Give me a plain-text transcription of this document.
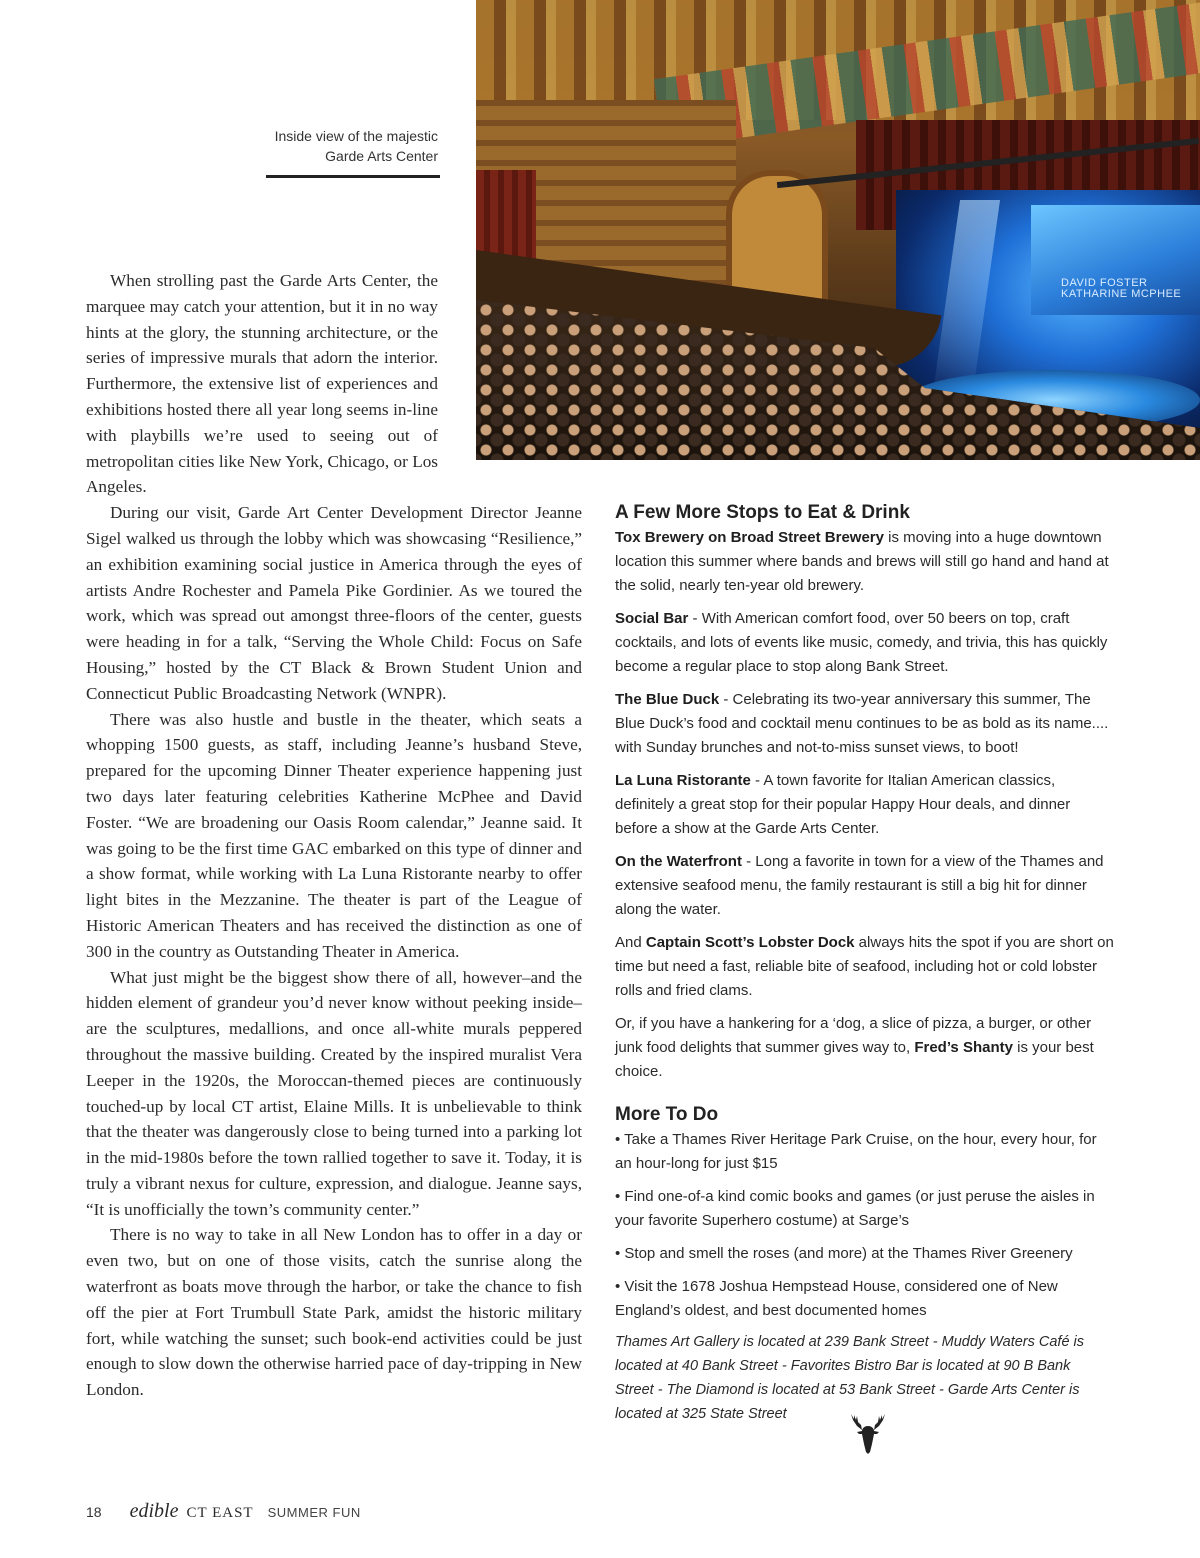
DAVID FOSTER
KATHARINE MCPHEE
Inside view of the majestic
Garde Arts Center

When strolling past the Garde Arts Center, the marquee may catch your attention, but it in no way hints at the glory, the stunning architecture, or the series of impressive murals that adorn the interior. Furthermore, the extensive list of experiences and exhibitions hosted there all year long seems in-line with playbills we’re used to seeing out of metropolitan cities like New York, Chicago, or Los Angeles.

During our visit, Garde Art Center Development Director Jeanne Sigel walked us through the lobby which was showcasing “Resilience,” an exhibition examining social justice in America through the eyes of artists Andre Rochester and Pamela Pike Gordinier. As we toured the work, which was spread out amongst three-floors of the center, guests were heading in for a talk, “Serving the Whole Child: Focus on Safe Housing,” hosted by the CT Black & Brown Student Union and Connecticut Public Broadcasting Network (WNPR).

There was also hustle and bustle in the theater, which seats a whopping 1500 guests, as staff, including Jeanne’s husband Steve, prepared for the upcoming Dinner Theater experience happening just two days later featuring celebrities Katherine McPhee and David Foster. “We are broadening our Oasis Room calendar,” Jeanne said. It was going to be the first time GAC embarked on this type of dinner and a show format, while working with La Luna Ristorante nearby to offer light bites in the Mezzanine. The theater is part of the League of Historic American Theaters and has received the distinction as one of 300 in the country as Outstanding Theater in America.

What just might be the biggest show there of all, however–and the hidden element of grandeur you’d never know without peeking inside–are the sculptures, medallions, and once all-white murals peppered throughout the massive building. Created by the inspired muralist Vera Leeper in the 1920s, the Moroccan-themed pieces are continuously touched-up by local CT artist, Elaine Mills. It is unbelievable to think that the theater was dangerously close to being turned into a parking lot in the mid-1980s before the town rallied together to save it. Today, it is truly a vibrant nexus for culture, expression, and dialogue. Jeanne says, “It is unofficially the town’s community center.”

There is no way to take in all New London has to offer in a day or even two, but on one of those visits, catch the sunrise along the waterfront as boats move through the harbor, or take the chance to fish off the pier at Fort Trumbull State Park, amidst the historic military fort, while watching the sunset; such book-end activities could be just enough to slow down the otherwise harried pace of day-tripping in New London.

A Few More Stops to Eat & Drink
Tox Brewery on Broad Street Brewery is moving into a huge downtown location this summer where bands and brews will still go hand and hand at the solid, nearly ten-year old brewery.
Social Bar - With American comfort food, over 50 beers on top, craft cocktails, and lots of events like music, comedy, and trivia, this has quickly become a regular place to stop along Bank Street.
The Blue Duck - Celebrating its two-year anniversary this summer, The Blue Duck’s food and cocktail menu continues to be as bold as its name.... with Sunday brunches and not-to-miss sunset views, to boot!
La Luna Ristorante - A town favorite for Italian American classics, definitely a great stop for their popular Happy Hour deals, and dinner before a show at the Garde Arts Center.
On the Waterfront - Long a favorite in town for a view of the Thames and extensive seafood menu, the family restaurant is still a big hit for dinner along the water.
And Captain Scott’s Lobster Dock always hits the spot if you are short on time but need a fast, reliable bite of seafood, including hot or cold lobster rolls and fried clams.
Or, if you have a hankering for a ‘dog, a slice of pizza, a burger, or other junk food delights that summer gives way to, Fred’s Shanty is your best choice.
More To Do
• Take a Thames River Heritage Park Cruise, on the hour, every hour, for an hour-long for just $15
• Find one-of-a kind comic books and games (or just peruse the aisles in your favorite Superhero costume) at Sarge’s
• Stop and smell the roses (and more) at the Thames River Greenery
• Visit the 1678 Joshua Hempstead House, considered one of New England’s oldest, and best documented homes
Thames Art Gallery is located at 239 Bank Street - Muddy Waters Café is located at 40 Bank Street - Favorites Bistro Bar is located at 90 B Bank Street - The Diamond is located at 53 Bank Street - Garde Arts Center is located at 325 State Street
18 edible CT EAST SUMMER FUN
